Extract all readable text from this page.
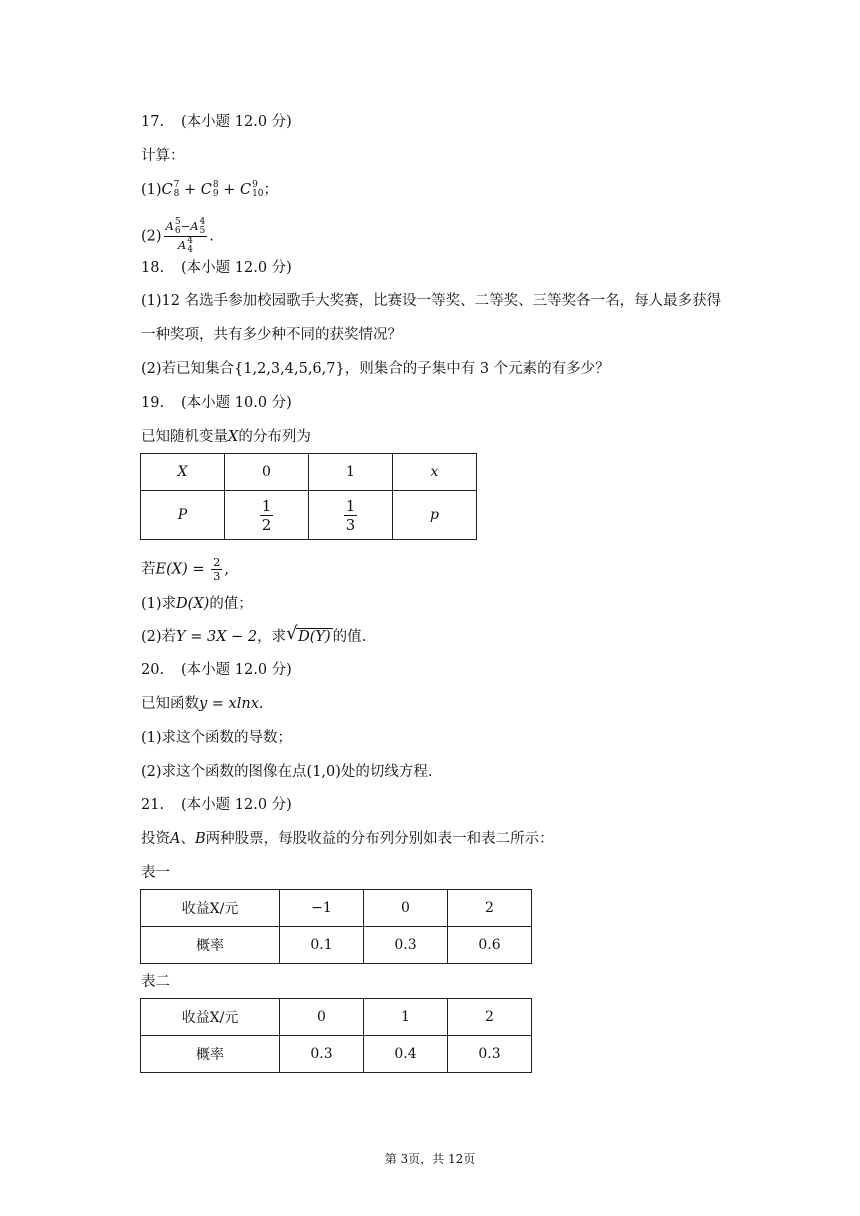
17. (本小题 12.0 分)
计算：
(1)C 7
8 + C 8
9 + C 9
10 ；
(2) A 5
6 −A 4
5
A 4
4 .
18. (本小题 12.0 分)
(1)12 名选手参加校园歌手大奖赛，比赛设一等奖、二等奖、三等奖各一名，每人最多获得
一种奖项，共有多少种不同的获奖情况？
(2)若已知集合{1,2,3,4,5,6,7}，则集合的子集中有 3 个元素的有多少？
19. (本小题 10.0 分)
已知随机变量X的分布列为
X	0	1	x
P	$\frac{1}{2}$	$\frac{1}{3}$	p
若$E(X) = \frac{2}{3}$ ,
(1)求D(X)的值；
(2)若Y = 3X − 2，求 √ D(Y) 的值.
20. (本小题 12.0 分)
已知函数y = xlnx.
(1)求这个函数的导数；
(2)求这个函数的图像在点(1,0)处的切线方程.
21. (本小题 12.0 分)
投资A、B两种股票，每股收益的分布列分别如表一和表二所示：
表一
收益X/元	−1	0	2
概率	0.1	0.3	0.6
表二
收益X/元	0	1	2
概率	0.3	0.4	0.3
第 3页，共 12页
